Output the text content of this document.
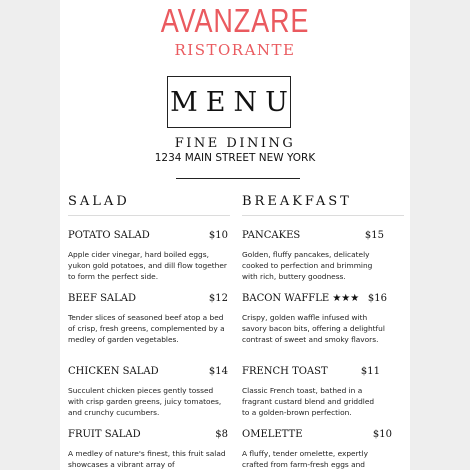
AVANZARE
RISTORANTE
MENU
FINE DINING
1234 MAIN STREET NEW YORK
SALAD
POTATO SALAD	$10
Apple cider vinegar, hard boiled eggs, yukon gold potatoes, and dill flow together to form the perfect side.
BEEF SALAD	$12
Tender slices of seasoned beef atop a bed of crisp, fresh greens, complemented by a medley of garden vegetables.
CHICKEN SALAD	$14
Succulent chicken pieces gently tossed with crisp garden greens, juicy tomatoes, and crunchy cucumbers.
FRUIT SALAD	$8
A medley of nature's finest, this fruit salad showcases a vibrant array of
BREAKFAST
PANCAKES	$15
Golden, fluffy pancakes, delicately cooked to perfection and brimming with rich, buttery goodness.
BACON WAFFLE ★★★ $16
Crispy, golden waffle infused with savory bacon bits, offering a delightful contrast of sweet and smoky flavors.
FRENCH TOAST	$11
Classic French toast, bathed in a fragrant custard blend and griddled to a golden-brown perfection.
OMELETTE	$10
A fluffy, tender omelette, expertly crafted from farm-fresh eggs and
